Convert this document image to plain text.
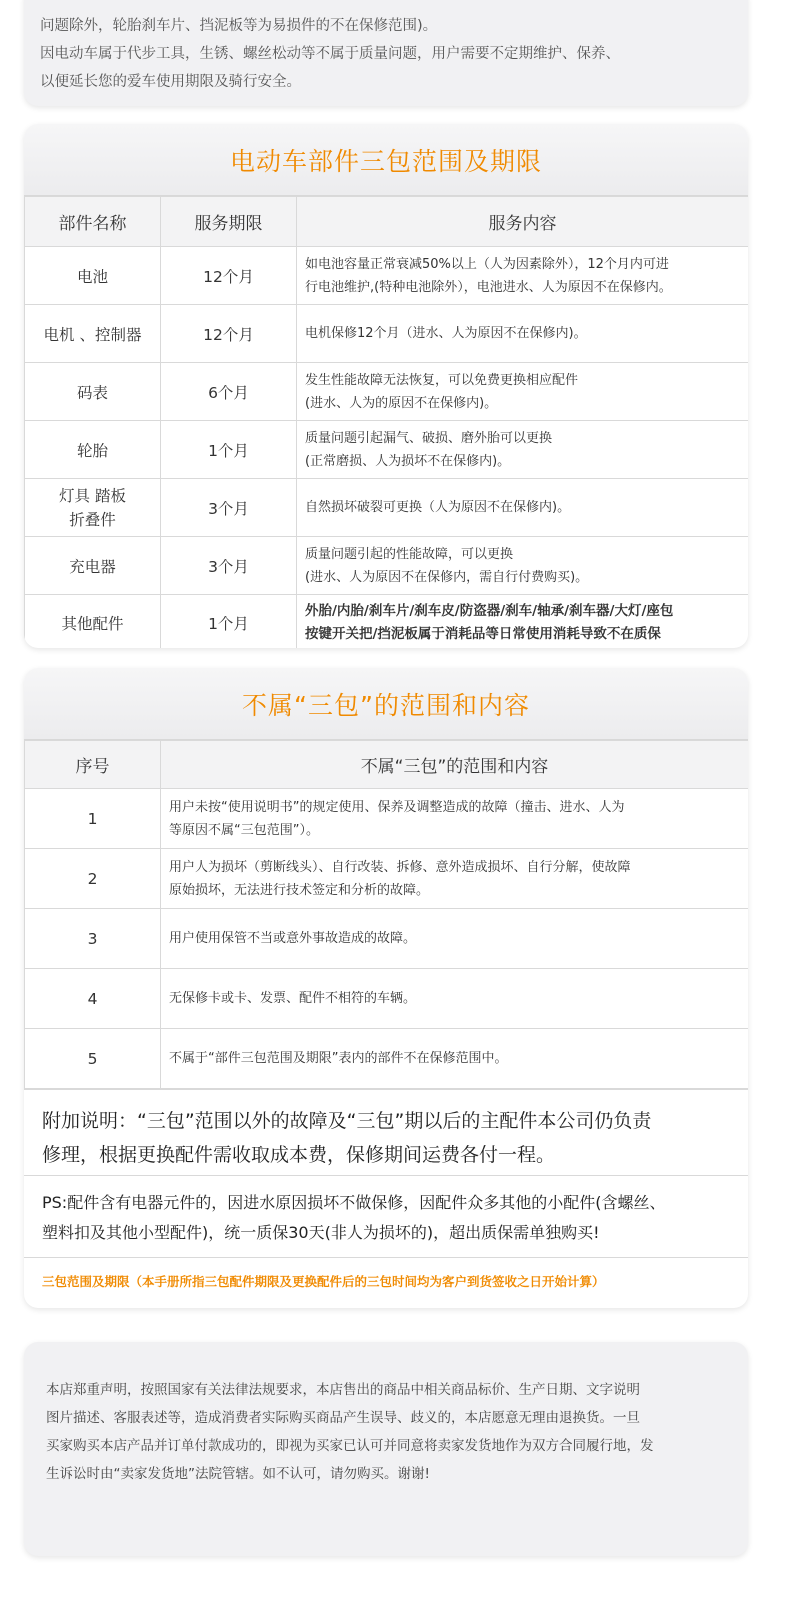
问题除外，轮胎刹车片、挡泥板等为易损件的不在保修范围)。

因电动车属于代步工具，生锈、螺丝松动等不属于质量问题，用户需要不定期维护、保养、

以便延长您的爱车使用期限及骑行安全。

电动车部件三包范围及期限
部件名称	服务期限	服务内容
电池	12个月	如电池容量正常衰减50%以上（人为因素除外），12个月内可进
行电池维护,(特种电池除外），电池进水、人为原因不在保修内。

电机 、控制器	12个月	电机保修12个月（进水、人为原因不在保修内)。

码表	6个月	发生性能故障无法恢复，可以免费更换相应配件
(进水、人为的原因不在保修内)。

轮胎	1个月	质量问题引起漏气、破损、磨外胎可以更换
(正常磨损、人为损坏不在保修内)。

灯具 踏板
折叠件	3个月	自然损坏破裂可更换（人为原因不在保修内)。

充电器	3个月	质量问题引起的性能故障，可以更换
(进水、人为原因不在保修内，需自行付费购买)。

其他配件	1个月	外胎/内胎/刹车片/刹车皮/防盗器/刹车/轴承/刹车器/大灯/座包
按键开关把/挡泥板属于消耗品等日常使用消耗导致不在质保
不属“三包”的范围和内容
序号	不属“三包”的范围和内容
1	用户未按“使用说明书”的规定使用、保养及调整造成的故障（撞击、进水、人为
等原因不属“三包范围”）。

2	用户人为损坏（剪断线头）、自行改装、拆修、意外造成损坏、自行分解，使故障
原始损坏，无法进行技术签定和分析的故障。

3	用户使用保管不当或意外事故造成的故障。

4	无保修卡或卡、发票、配件不相符的车辆。

5	不属于“部件三包范围及期限”表内的部件不在保修范围中。
附加说明：“三包”范围以外的故障及“三包”期以后的主配件本公司仍负责
修理，根据更换配件需收取成本费，保修期间运费各付一程。
PS:配件含有电器元件的，因进水原因损坏不做保修，因配件众多其他的小配件(含螺丝、
塑料扣及其他小型配件)，统一质保30天(非人为损坏的)，超出质保需单独购买!
三包范围及期限（本手册所指三包配件期限及更换配件后的三包时间均为客户到货签收之日开始计算）

本店郑重声明，按照国家有关法律法规要求，本店售出的商品中相关商品标价、生产日期、文字说明

图片描述、客服表述等，造成消费者实际购买商品产生误导、歧义的，本店愿意无理由退换货。一旦

买家购买本店产品并订单付款成功的，即视为买家已认可并同意将卖家发货地作为双方合同履行地，发

生诉讼时由“卖家发货地”法院管辖。如不认可，请勿购买。谢谢!
